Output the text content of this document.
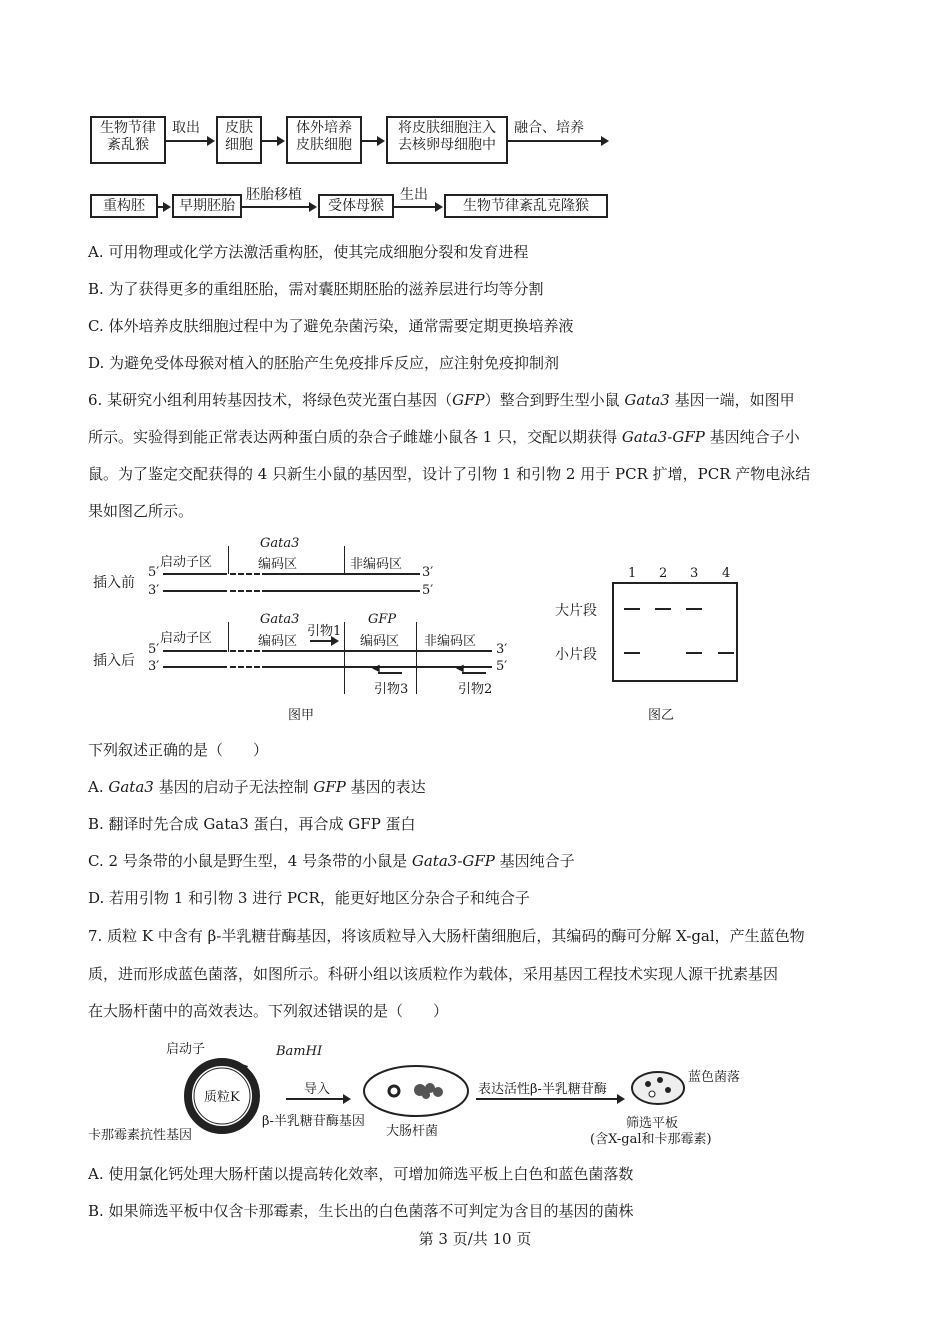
生物节律
紊乱猴
取出	皮肤
细胞
体外培养
皮肤细胞
将皮肤细胞注入
去核卵母细胞中
融合、培养
重构胚	早期胚胎
胚胎移植
受体母猴
生出
生物节律紊乱克隆猴
A. 可用物理或化学方法激活重构胚，使其完成细胞分裂和发育进程
B. 为了获得更多的重组胚胎，需对囊胚期胚胎的滋养层进行均等分割
C. 体外培养皮肤细胞过程中为了避免杂菌污染，通常需要定期更换培养液
D. 为避免受体母猴对植入的胚胎产生免疫排斥反应，应注射免疫抑制剂
6. 某研究小组利用转基因技术，将绿色荧光蛋白基因（GFP）整合到野生型小鼠 Gata3 基因一端，如图甲
所示。实验得到能正常表达两种蛋白质的杂合子雌雄小鼠各 1 只，交配以期获得 Gata3-GFP 基因纯合子小
鼠。为了鉴定交配获得的 4 只新生小鼠的基因型，设计了引物 1 和引物 2 用于 PCR 扩增，PCR 产物电泳结
果如图乙所示。
插入前
插入后
启动子区
Gata3
编码区	非编码区
5′
3′
3′
5′
启动子区
Gata3
编码区
引物1
GFP
编码区 非编码区
5′
3′
3′
5′
◀
引物3
◀
引物2
图甲
1 2 3 4
大片段
小片段
图乙
下列叙述正确的是（　　）
A. Gata3 基因的启动子无法控制 GFP 基因的表达
B. 翻译时先合成 Gata3 蛋白，再合成 GFP 蛋白
C. 2 号条带的小鼠是野生型，4 号条带的小鼠是 Gata3-GFP 基因纯合子
D. 若用引物 1 和引物 3 进行 PCR，能更好地区分杂合子和纯合子
7. 质粒 K 中含有 β-半乳糖苷酶基因，将该质粒导入大肠杆菌细胞后，其编码的酶可分解 X-gal，产生蓝色物
质，进而形成蓝色菌落，如图所示。科研小组以该质粒作为载体，采用基因工程技术实现人源干扰素基因
在大肠杆菌中的高效表达。下列叙述错误的是（　　）
启动子	BamHⅠ
质粒K
卡那霉素抗性基因
β-半乳糖苷酶基因
导入
大肠杆菌
表达活性β-半乳糖苷酶
蓝色菌落
筛选平板
(含X-gal和卡那霉素)
A. 使用氯化钙处理大肠杆菌以提高转化效率，可增加筛选平板上白色和蓝色菌落数
B. 如果筛选平板中仅含卡那霉素，生长出的白色菌落不可判定为含目的基因的菌株
第 3 页/共 10 页
